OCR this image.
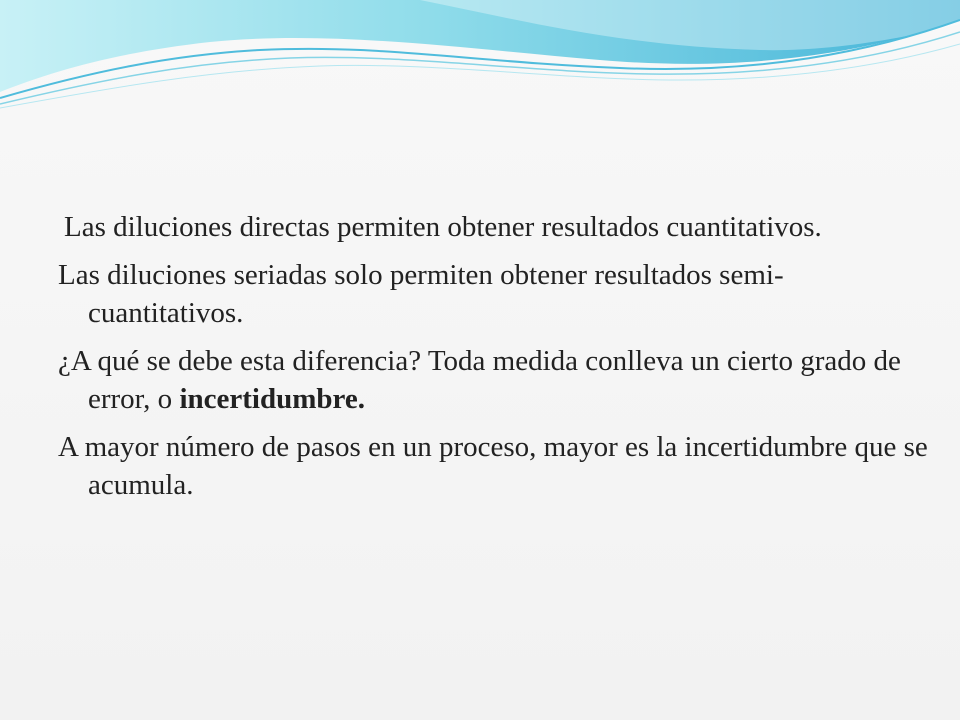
Las diluciones directas permiten obtener resultados cuantitativos.

Las diluciones seriadas solo permiten obtener resultados semi-cuantitativos.

¿A qué se debe esta diferencia? Toda medida conlleva un cierto grado de error, o incertidumbre.

A mayor número de pasos en un proceso, mayor es la incertidumbre que se acumula.
